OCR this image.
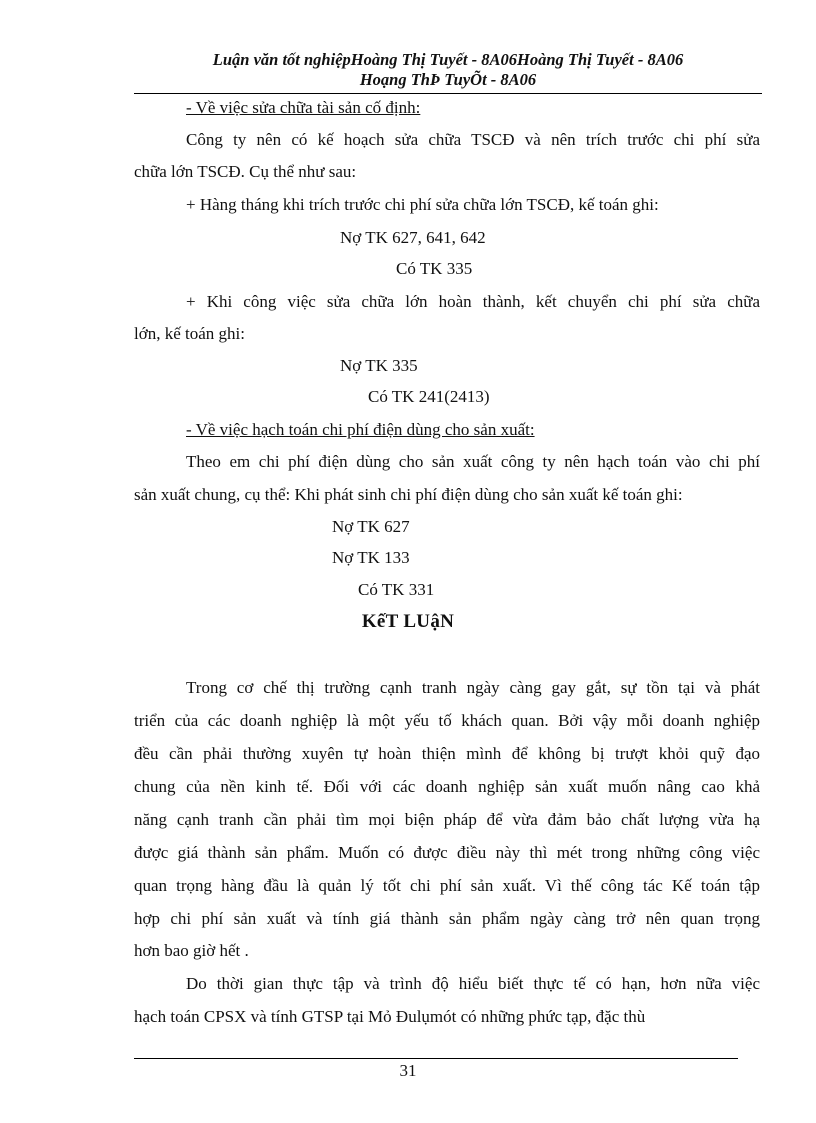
Luận văn tốt nghiệpHoàng Thị Tuyết - 8A06Hoàng Thị Tuyết - 8A06
Hoạng ThÞ TuyÕt - 8A06
- Về việc sửa chữa tài sản cố định:
Công ty nên có kế hoạch sửa chữa TSCĐ và nên trích trước chi phí sửa
chữa lớn TSCĐ. Cụ thể như sau:
+ Hàng tháng khi trích trước chi phí sửa chữa lớn TSCĐ, kế toán ghi:
Nợ TK 627, 641, 642
Có TK 335
+ Khi công việc sửa chữa lớn hoàn thành, kết chuyển chi phí sửa chữa
lớn, kế toán ghi:
Nợ TK 335
Có TK 241(2413)
- Về việc hạch toán chi phí điện dùng cho sản xuất:
Theo em chi phí điện dùng cho sản xuất công ty nên hạch toán vào chi phí
sản xuất chung, cụ thể: Khi phát sinh chi phí điện dùng cho sản xuất kế toán ghi:
Nợ TK 627
Nợ TK 133
Có TK 331
KếT LUậN
Trong cơ chế thị trường cạnh tranh ngày càng gay gắt, sự tồn tại và phát
triển của các doanh nghiệp là một yếu tố khách quan. Bởi vậy mỗi doanh nghiệp
đều cần phải thường xuyên tự hoàn thiện mình để không bị trượt khỏi quỹ đạo
chung của nền kinh tế. Đối với các doanh nghiệp sản xuất muốn nâng cao khả
năng cạnh tranh cần phải tìm mọi biện pháp để vừa đảm bảo chất lượng vừa hạ
được giá thành sản phẩm. Muốn có được điều này thì mét trong những công việc
quan trọng hàng đầu là quản lý tốt chi phí sản xuất. Vì thế công tác Kế toán tập
hợp chi phí sản xuất và tính giá thành sản phẩm ngày càng trở nên quan trọng
hơn bao giờ hết .
Do thời gian thực tập và trình độ hiểu biết thực tế có hạn, hơn nữa việc
hạch toán CPSX và tính GTSP tại Mỏ Đulụmót có những phức tạp, đặc thù
31
